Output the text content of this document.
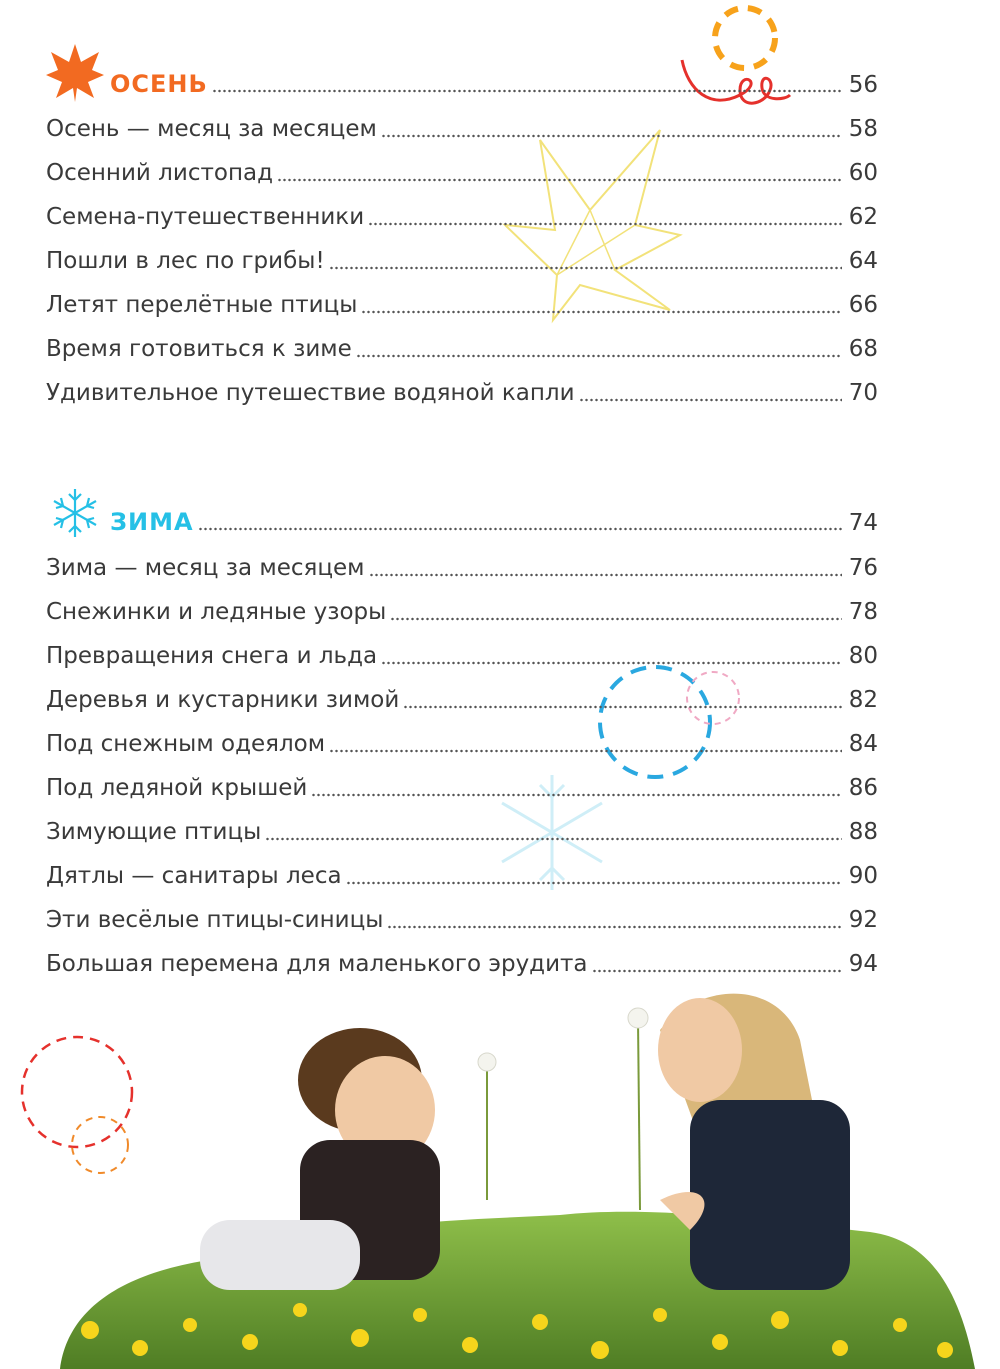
ОСЕНЬ	56
Осень — месяц за месяцем	58
Осенний листопад	60
Семена-путешественники	62
Пошли в лес по грибы!	64
Летят перелётные птицы	66
Время готовиться к зиме	68
Удивительное путешествие водяной капли	70
ЗИМА	74
Зима — месяц за месяцем	76
Снежинки и ледяные узоры	78
Превращения снега и льда	80
Деревья и кустарники зимой	82
Под снежным одеялом	84
Под ледяной крышей	86
Зимующие птицы	88
Дятлы — санитары леса	90
Эти весёлые птицы-синицы	92
Большая перемена для маленького эрудита	94
